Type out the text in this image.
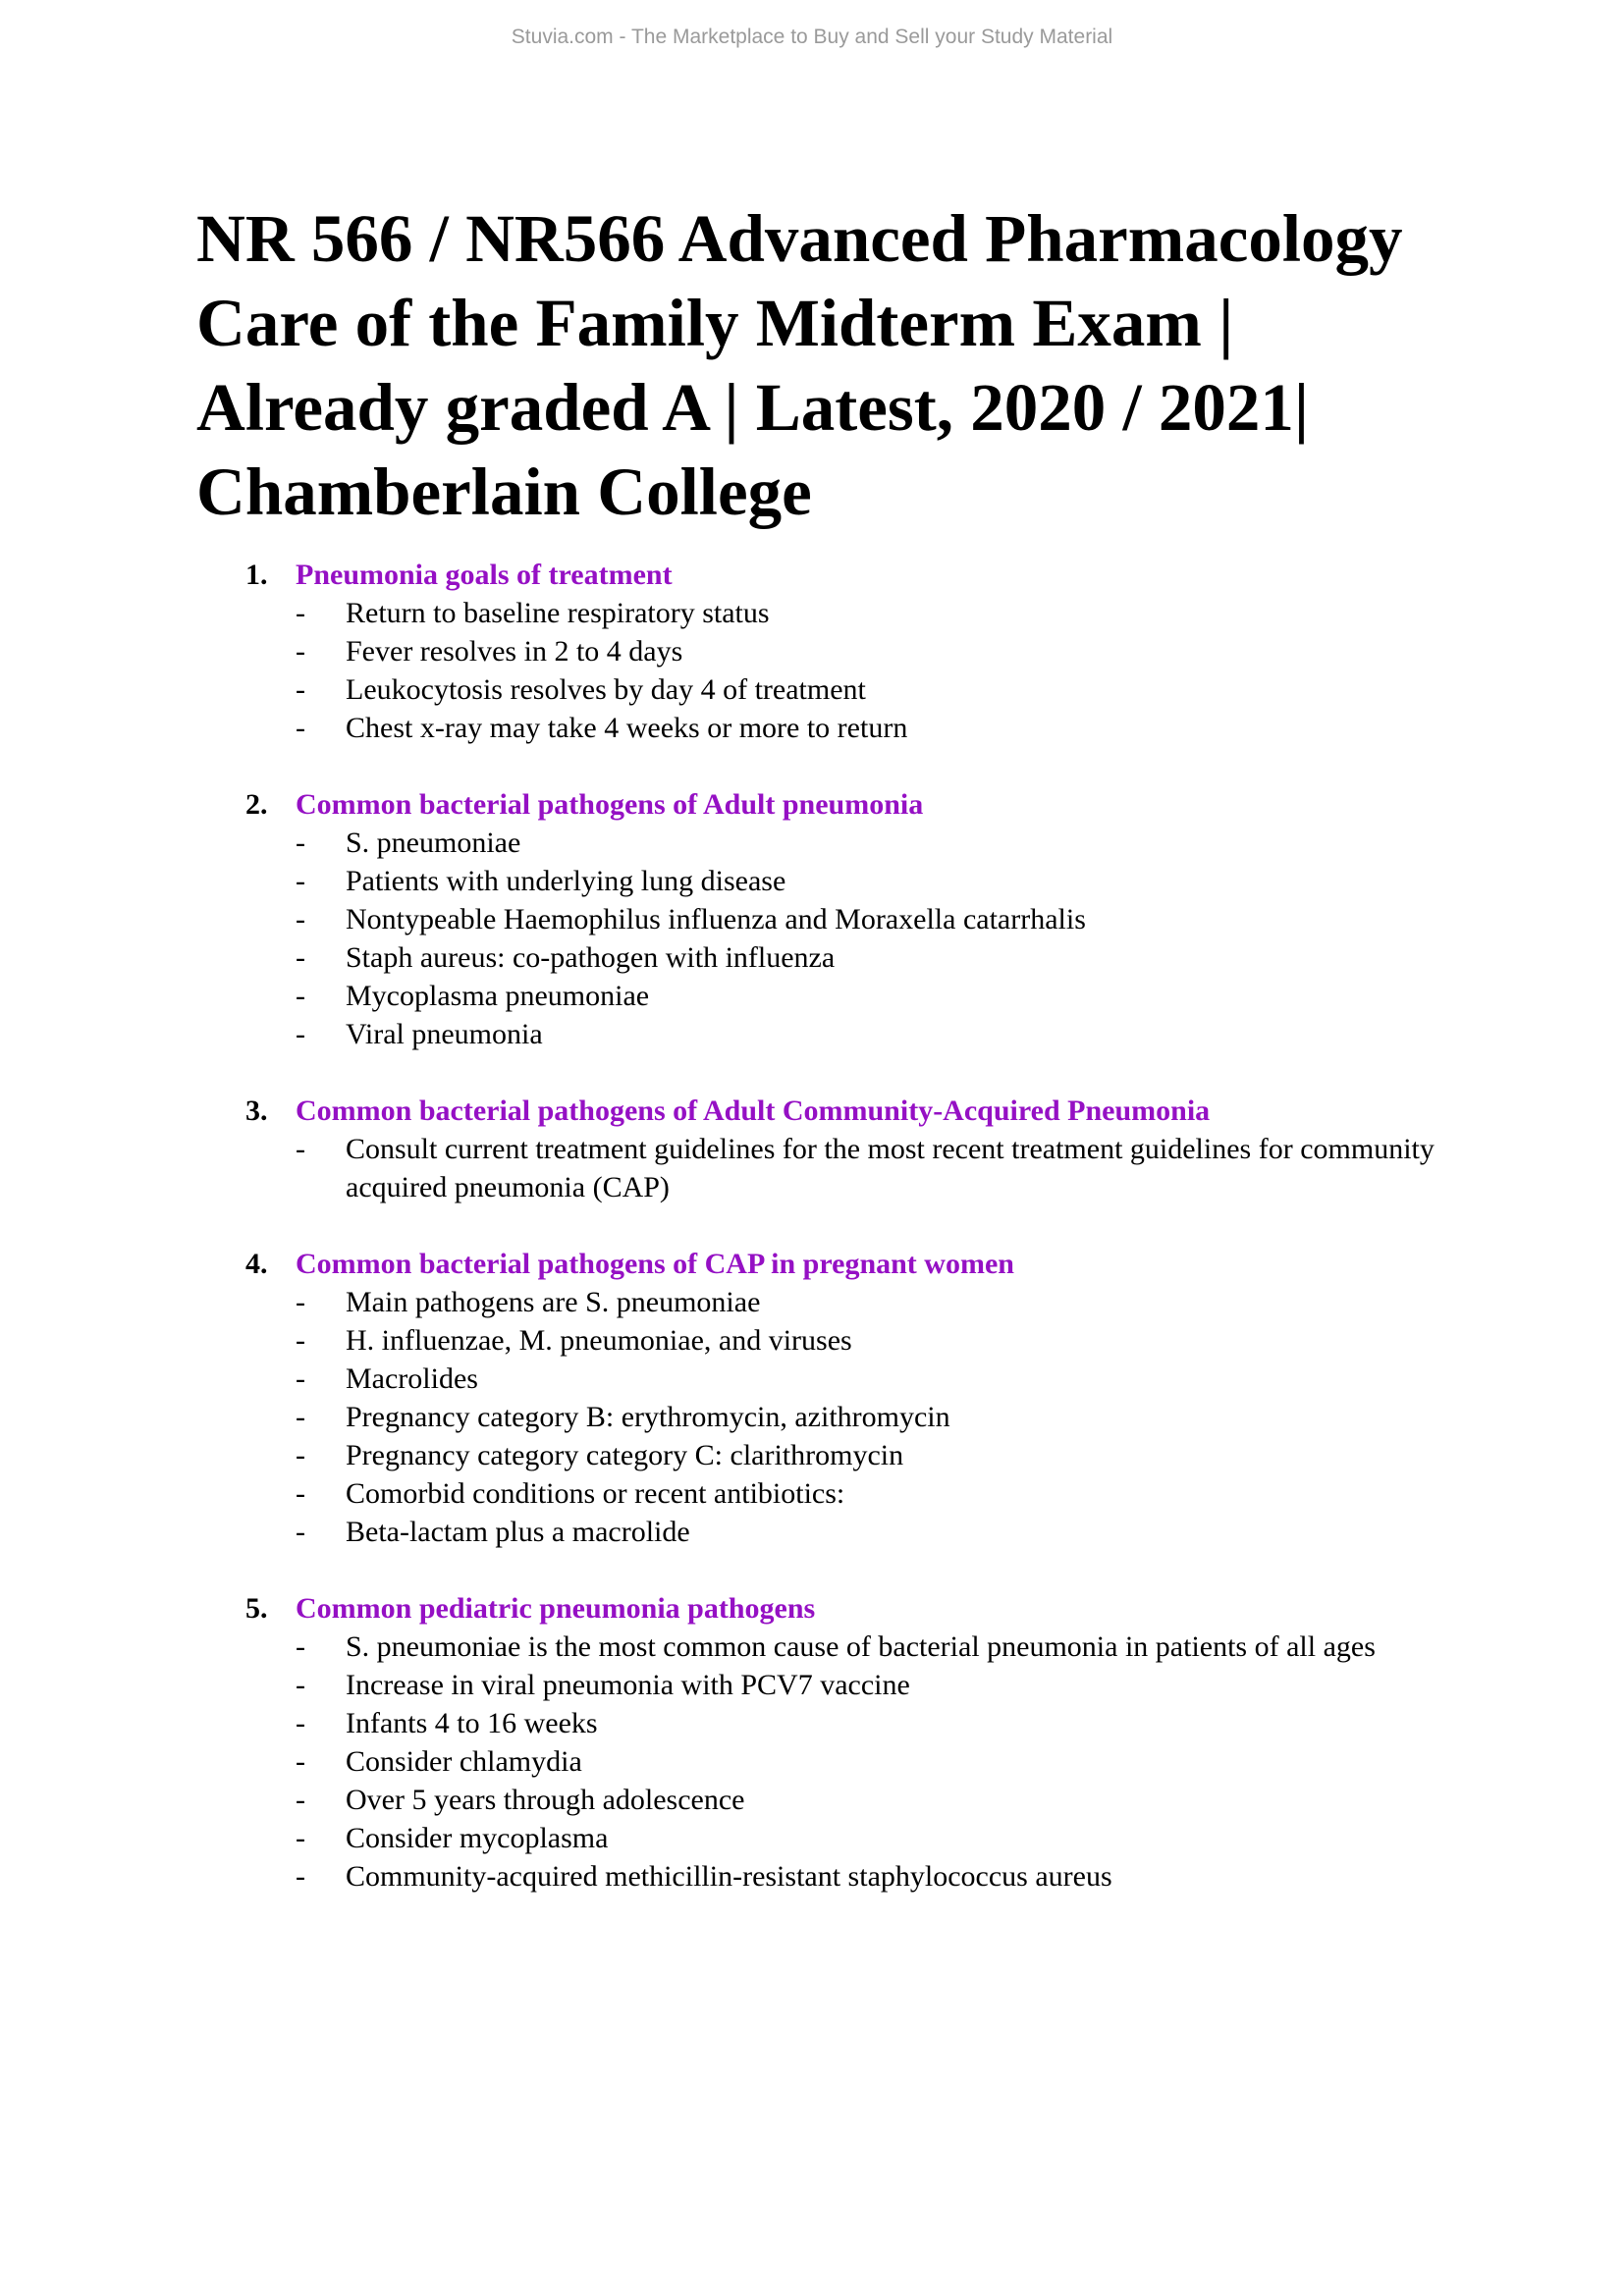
Stuvia.com - The Marketplace to Buy and Sell your Study Material
NR 566 / NR566 Advanced Pharmacology
Care of the Family Midterm Exam |
Already graded A | Latest, 2020 / 2021|
Chamberlain College
1. Pneumonia goals of treatment
- Return to baseline respiratory status
- Fever resolves in 2 to 4 days
- Leukocytosis resolves by day 4 of treatment
- Chest x-ray may take 4 weeks or more to return
2. Common bacterial pathogens of Adult pneumonia
- S. pneumoniae
- Patients with underlying lung disease
- Nontypeable Haemophilus influenza and Moraxella catarrhalis
- Staph aureus: co-pathogen with influenza
- Mycoplasma pneumoniae
- Viral pneumonia
3. Common bacterial pathogens of Adult Community-Acquired Pneumonia
- Consult current treatment guidelines for the most recent treatment guidelines for community acquired pneumonia (CAP)
4. Common bacterial pathogens of CAP in pregnant women
- Main pathogens are S. pneumoniae
- H. influenzae, M. pneumoniae, and viruses
- Macrolides
- Pregnancy category B: erythromycin, azithromycin
- Pregnancy category category C: clarithromycin
- Comorbid conditions or recent antibiotics:
- Beta-lactam plus a macrolide
5. Common pediatric pneumonia pathogens
- S. pneumoniae is the most common cause of bacterial pneumonia in patients of all ages
- Increase in viral pneumonia with PCV7 vaccine
- Infants 4 to 16 weeks
- Consider chlamydia
- Over 5 years through adolescence
- Consider mycoplasma
- Community-acquired methicillin-resistant staphylococcus aureus
